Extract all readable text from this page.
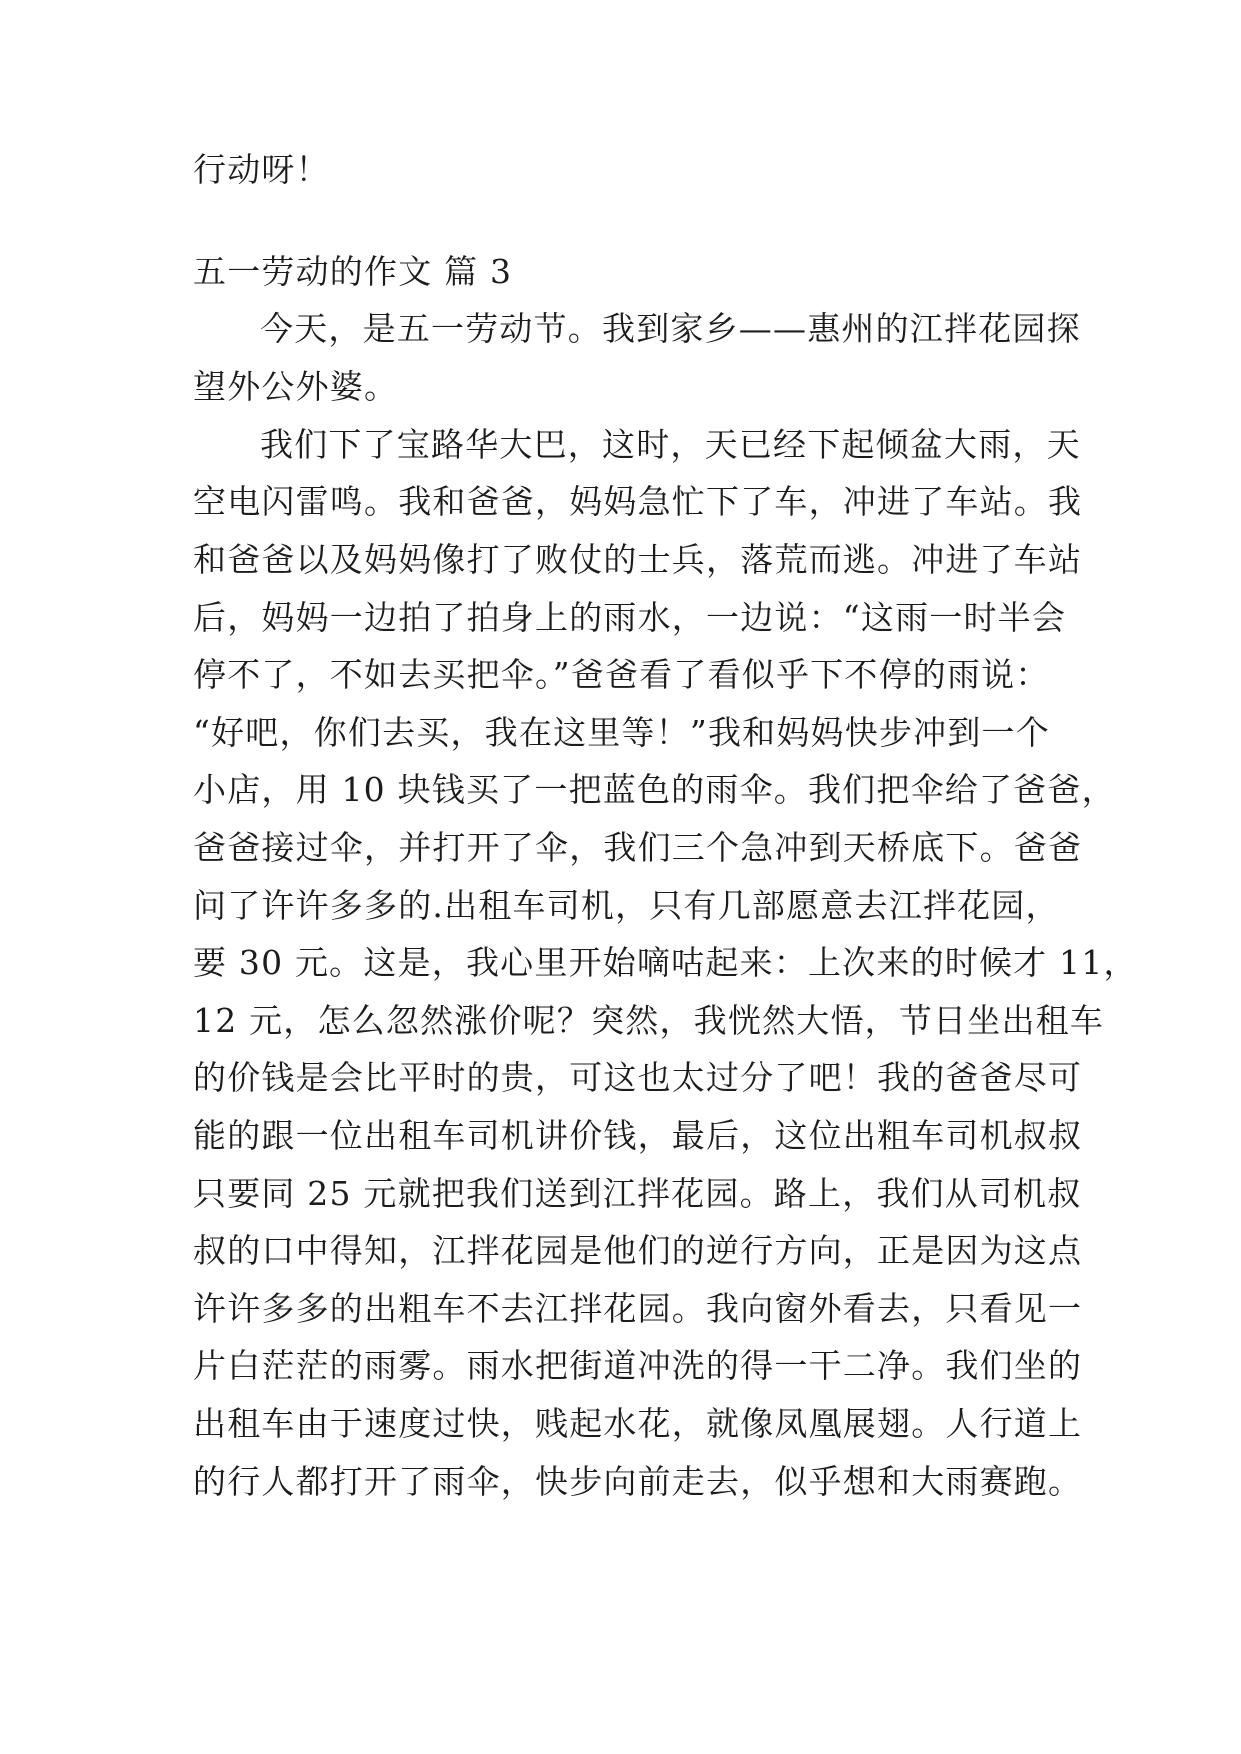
行动呀！
五一劳动的作文 篇 3
今天，是五一劳动节。我到家乡——惠州的江拌花园探
望外公外婆。
我们下了宝路华大巴，这时，天已经下起倾盆大雨，天
空电闪雷鸣。我和爸爸，妈妈急忙下了车，冲进了车站。我
和爸爸以及妈妈像打了败仗的士兵，落荒而逃。冲进了车站
后，妈妈一边拍了拍身上的雨水，一边说：“这雨一时半会
停不了，不如去买把伞。”爸爸看了看似乎下不停的雨说：
“好吧，你们去买，我在这里等！”我和妈妈快步冲到一个
小店，用 10 块钱买了一把蓝色的雨伞。我们把伞给了爸爸，
爸爸接过伞，并打开了伞，我们三个急冲到天桥底下。爸爸
问了许许多多的.出租车司机，只有几部愿意去江拌花园，
要 30 元。这是，我心里开始嘀咕起来：上次来的时候才 11，
12 元，怎么忽然涨价呢？突然，我恍然大悟，节日坐出租车
的价钱是会比平时的贵，可这也太过分了吧！我的爸爸尽可
能的跟一位出租车司机讲价钱，最后，这位出粗车司机叔叔
只要同 25 元就把我们送到江拌花园。路上，我们从司机叔
叔的口中得知，江拌花园是他们的逆行方向，正是因为这点
许许多多的出粗车不去江拌花园。我向窗外看去，只看见一
片白茫茫的雨雾。雨水把街道冲洗的得一干二净。我们坐的
出租车由于速度过快，贱起水花，就像凤凰展翅。人行道上
的行人都打开了雨伞，快步向前走去，似乎想和大雨赛跑。
